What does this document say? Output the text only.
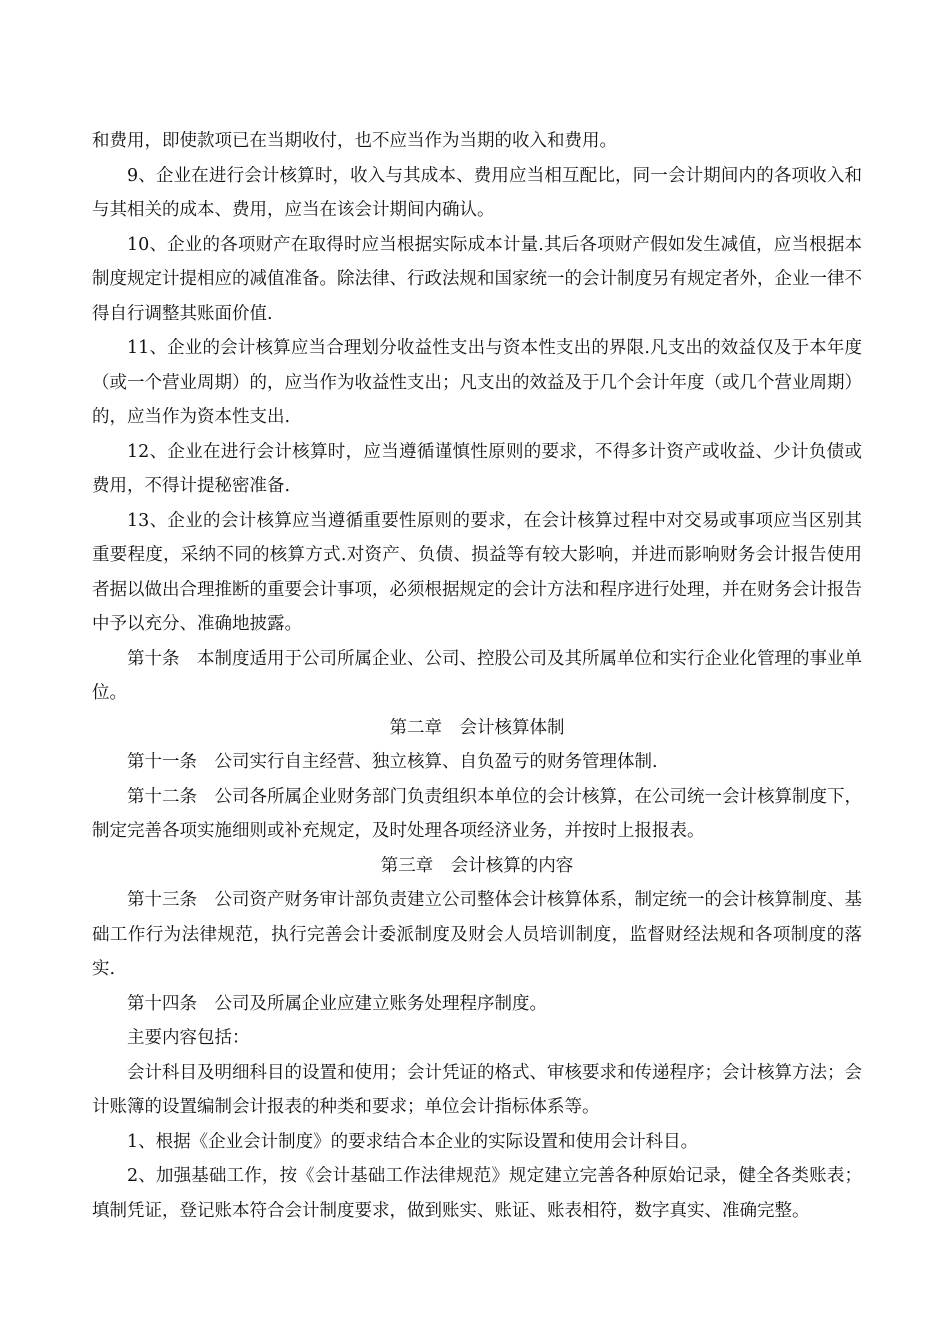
和费用，即使款项已在当期收付，也不应当作为当期的收入和费用。

9、企业在进行会计核算时，收入与其成本、费用应当相互配比，同一会计期间内的各项收入和与其相关的成本、费用，应当在该会计期间内确认。

10、企业的各项财产在取得时应当根据实际成本计量.其后各项财产假如发生减值，应当根据本制度规定计提相应的减值准备。除法律、行政法规和国家统一的会计制度另有规定者外，企业一律不得自行调整其账面价值.

11、企业的会计核算应当合理划分收益性支出与资本性支出的界限.凡支出的效益仅及于本年度（或一个营业周期）的，应当作为收益性支出；凡支出的效益及于几个会计年度（或几个营业周期）的，应当作为资本性支出.

12、企业在进行会计核算时，应当遵循谨慎性原则的要求，不得多计资产或收益、少计负债或费用，不得计提秘密准备.

13、企业的会计核算应当遵循重要性原则的要求，在会计核算过程中对交易或事项应当区别其重要程度，采纳不同的核算方式.对资产、负债、损益等有较大影响，并进而影响财务会计报告使用者据以做出合理推断的重要会计事项，必须根据规定的会计方法和程序进行处理，并在财务会计报告中予以充分、准确地披露。

第十条　本制度适用于公司所属企业、公司、控股公司及其所属单位和实行企业化管理的事业单位。

第二章　会计核算体制

第十一条　公司实行自主经营、独立核算、自负盈亏的财务管理体制.

第十二条　公司各所属企业财务部门负责组织本单位的会计核算，在公司统一会计核算制度下，制定完善各项实施细则或补充规定，及时处理各项经济业务，并按时上报报表。

第三章　会计核算的内容

第十三条　公司资产财务审计部负责建立公司整体会计核算体系，制定统一的会计核算制度、基础工作行为法律规范，执行完善会计委派制度及财会人员培训制度，监督财经法规和各项制度的落实.

第十四条　公司及所属企业应建立账务处理程序制度。

主要内容包括：

会计科目及明细科目的设置和使用；会计凭证的格式、审核要求和传递程序；会计核算方法；会计账簿的设置编制会计报表的种类和要求；单位会计指标体系等。

1、根据《企业会计制度》的要求结合本企业的实际设置和使用会计科目。

2、加强基础工作，按《会计基础工作法律规范》规定建立完善各种原始记录，健全各类账表；填制凭证，登记账本符合会计制度要求，做到账实、账证、账表相符，数字真实、准确完整。
